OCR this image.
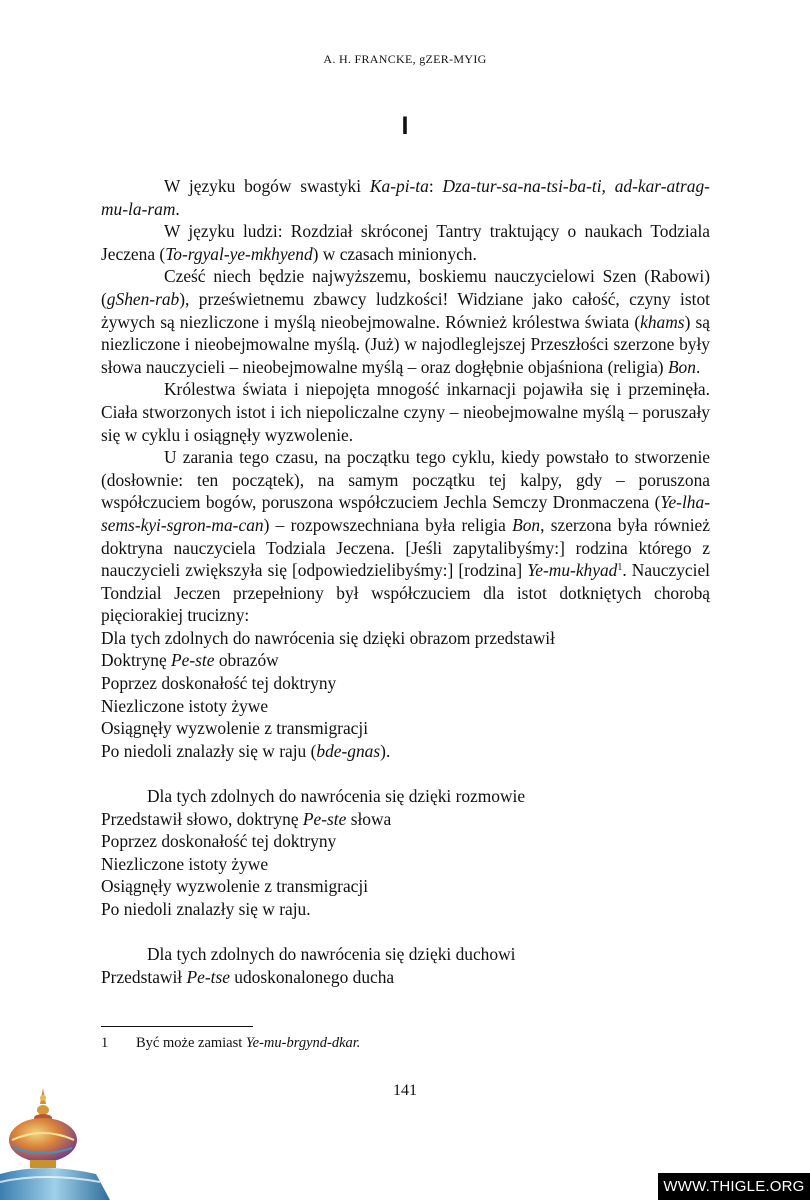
A. H. FRANCKE, gZER-MYIG
I

W języku bogów swastyki Ka-pi-ta: Dza-tur-sa-na-tsi-ba-ti, ad-kar-atrag-mu-la-ram.

W języku ludzi: Rozdział skróconej Tantry traktujący o naukach Todziala Jeczena (To-rgyal-ye-mkhyend) w czasach minionych.

Cześć niech będzie najwyższemu, boskiemu nauczycielowi Szen (Rabowi) (gShen-rab), prześwietnemu zbawcy ludzkości! Widziane jako całość, czyny istot żywych są niezliczone i myślą nieobejmowalne. Również królestwa świata (khams) są niezliczone i nieobejmowalne myślą. (Już) w najodleglejszej Przeszłości szerzone były słowa nauczycieli – nieobejmowalne myślą – oraz dogłębnie objaśniona (religia) Bon.

Królestwa świata i niepojęta mnogość inkarnacji pojawiła się i przeminęła. Ciała stworzonych istot i ich niepoliczalne czyny – nieobejmowalne myślą – poruszały się w cyklu i osiągnęły wyzwolenie.

U zarania tego czasu, na początku tego cyklu, kiedy powstało to stworzenie (dosłownie: ten początek), na samym początku tej kalpy, gdy – poruszona współczuciem bogów, poruszona współczuciem Jechla Semczy Dronmaczena (Ye-lha-sems-kyi-sgron-ma-can) – rozpowszechniana była religia Bon, szerzona była również doktryna nauczyciela Todziala Jeczena. [Jeśli zapytalibyśmy:] rodzina którego z nauczycieli zwiększyła się [odpowiedzielibyśmy:] [rodzina] Ye-mu-khyad$^1$. Nauczyciel Tondzial Jeczen przepełniony był współczuciem dla istot dotkniętych chorobą pięciorakiej trucizny:

Dla tych zdolnych do nawrócenia się dzięki obrazom przedstawił
Doktrynę Pe-ste obrazów
Poprzez doskonałość tej doktryny
Niezliczone istoty żywe
Osiągnęły wyzwolenie z transmigracji
Po niedoli znalazły się w raju (bde-gnas).
Dla tych zdolnych do nawrócenia się dzięki rozmowie
Przedstawił słowo, doktrynę Pe-ste słowa
Poprzez doskonałość tej doktryny
Niezliczone istoty żywe
Osiągnęły wyzwolenie z transmigracji
Po niedoli znalazły się w raju.
Dla tych zdolnych do nawrócenia się dzięki duchowi
Przedstawił Pe-tse udoskonalonego ducha
1 Być może zamiast Ye-mu-brgynd-dkar.
141
WWW.THIGLE.ORG
